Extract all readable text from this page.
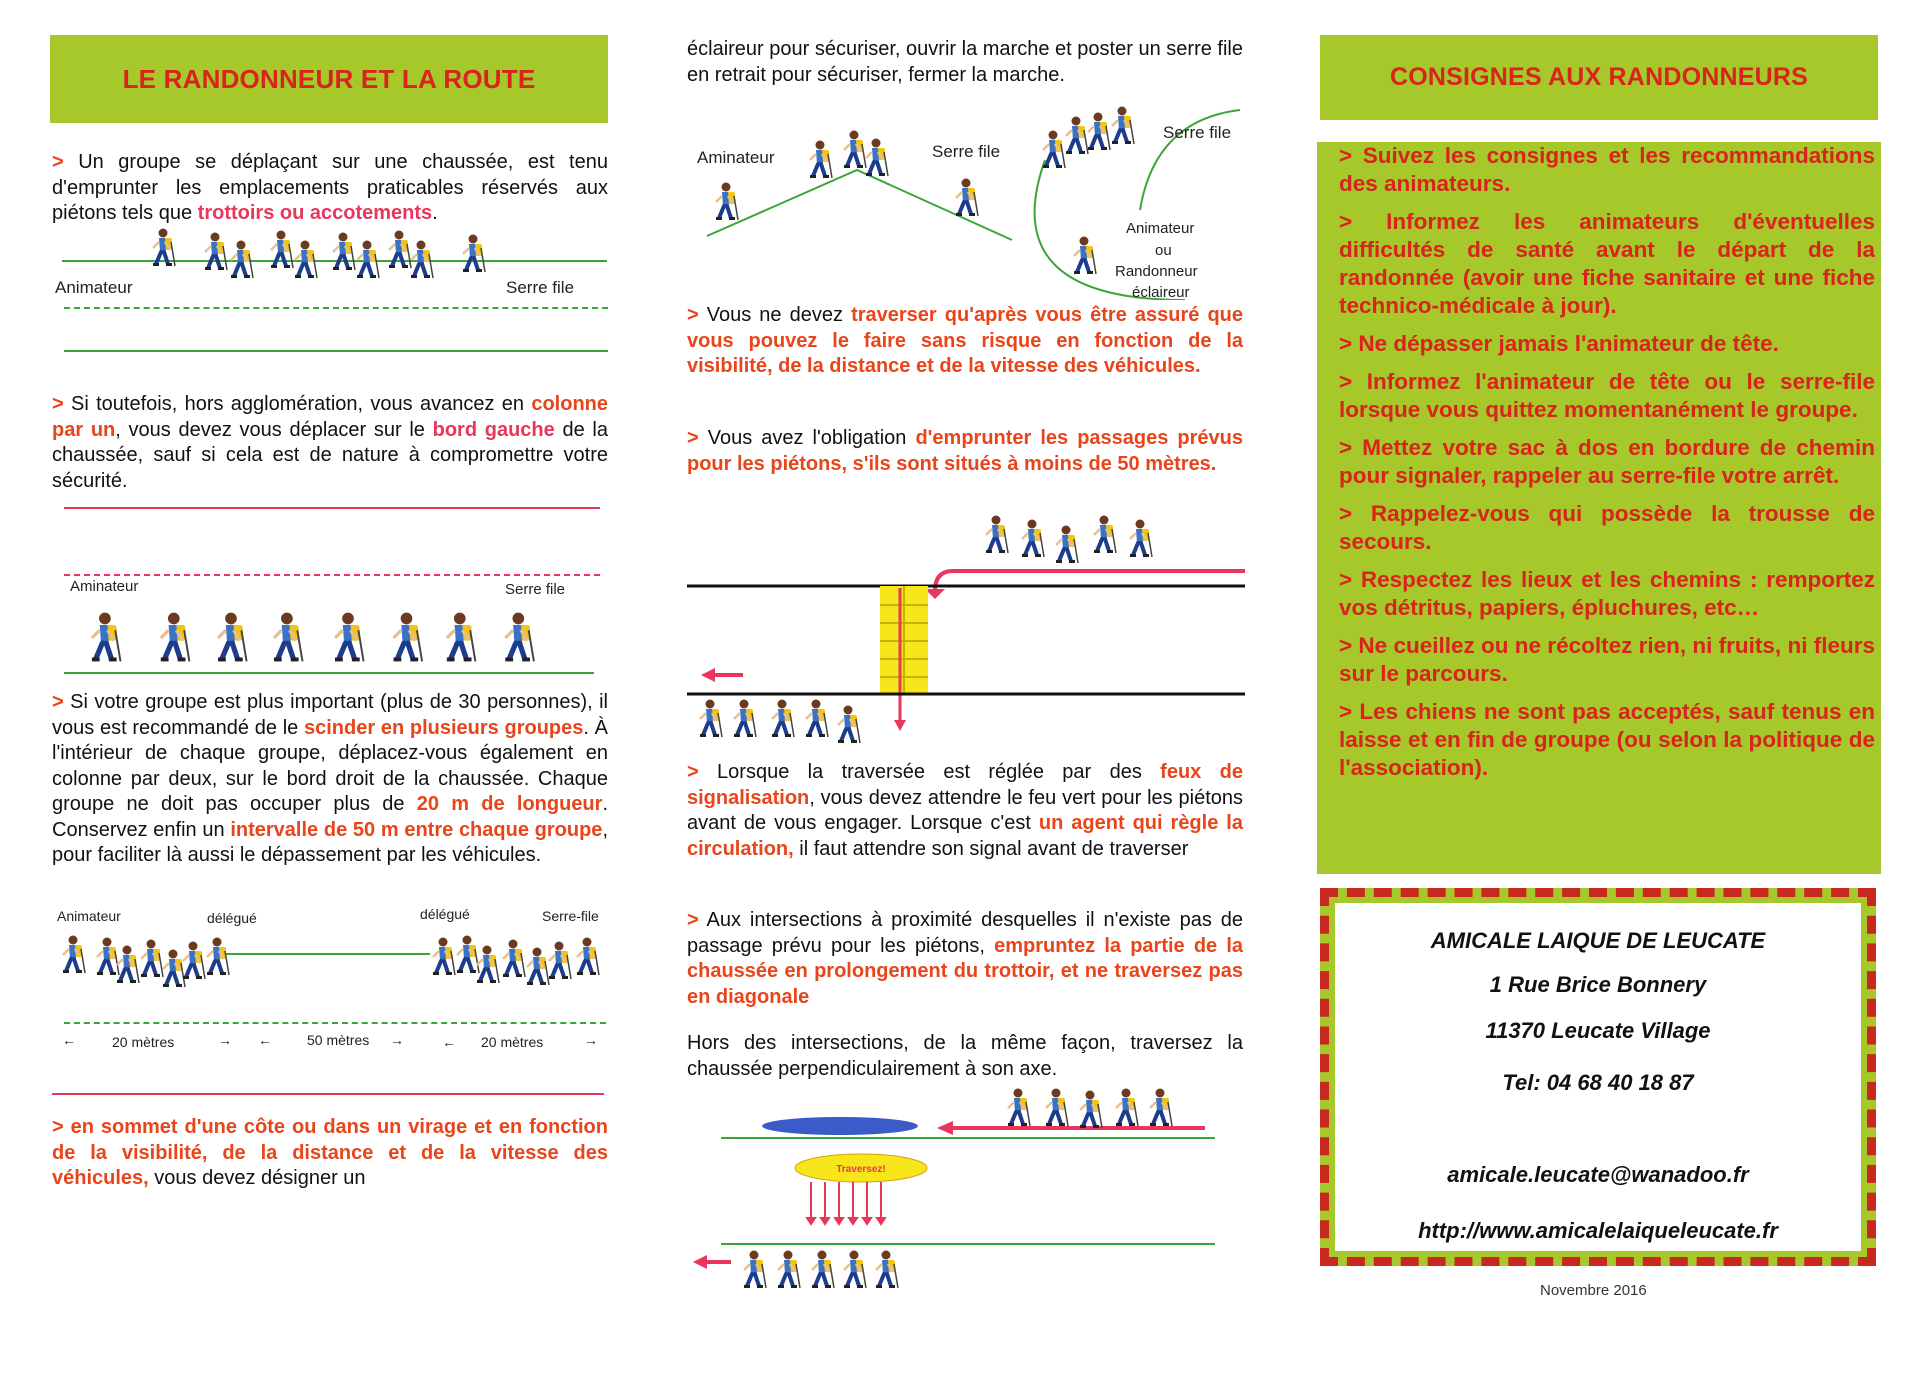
LE RANDONNEUR ET LA ROUTE

> Un groupe se déplaçant sur une chaussée, est tenu d'emprunter les emplacements praticables réservés aux piétons tels que trottoirs ou accotements.

Animateur	Serre file

> Si toutefois, hors agglomération, vous avancez en colonne par un, vous devez vous déplacer sur le bord gauche de la chaussée, sauf si cela est de nature à compromettre votre sécurité.

Aminateur	Serre file

> Si votre groupe est plus important (plus de 30 personnes), il vous est recommandé de le scinder en plusieurs groupes. À l'intérieur de chaque groupe, déplacez-vous également en colonne par deux, sur le bord droit de la chaussée. Chaque groupe ne doit pas occuper plus de 20 m de longueur. Conservez enfin un intervalle de 50 m entre chaque groupe, pour faciliter là aussi le dépassement par les véhicules.

Animateur	délégué	délégué	Serre-file
←	20 mètres	→ ←	50 mètres →	← 20 mètres	→

> en sommet d'une côte ou dans un virage et en fonction de la visibilité, de la distance et de la vitesse des véhicules, vous devez désigner un

éclaireur pour sécuriser, ouvrir la marche et poster un serre file en retrait pour sécuriser, fermer la marche.

Aminateur	Serre file
Serre file
Animateur
ou
Randonneur
éclaireur

> Vous ne devez traverser qu'après vous être assuré que vous pouvez le faire sans risque en fonction de la visibilité, de la distance et de la vitesse des véhicules.

> Vous avez l'obligation d'emprunter les passages prévus pour les piétons, s'ils sont situés à moins de 50 mètres.

> Lorsque la traversée est réglée par des feux de signalisation, vous devez attendre le feu vert pour les piétons avant de vous engager. Lorsque c'est un agent qui règle la circulation, il faut attendre son signal avant de traverser

> Aux intersections à proximité desquelles il n'existe pas de passage prévu pour les piétons, empruntez la partie de la chaussée en prolongement du trottoir, et ne traversez pas en diagonale

Hors des intersections, de la même façon, traversez la chaussée perpendiculairement à son axe.

Traversez!
CONSIGNES AUX RANDONNEURS

> Suivez les consignes et les recommandations des animateurs.

> Informez les animateurs d'éventuelles difficultés de santé avant le départ de la randonnée (avoir une fiche sanitaire et une fiche technico-médicale à jour).

> Ne dépasser jamais l'animateur de tête.

> Informez l'animateur de tête ou le serre-file lorsque vous quittez momentanément le groupe.

> Mettez votre sac à dos en bordure de chemin pour signaler, rappeler au serre-file votre arrêt.

> Rappelez-vous qui possède la trousse de secours.

> Respectez les lieux et les chemins : remportez vos détritus, papiers, épluchures, etc…

> Ne cueillez ou ne récoltez rien, ni fruits, ni fleurs sur le parcours.

> Les chiens ne sont pas acceptés, sauf tenus en laisse et en fin de groupe (ou selon la politique de l'association).

AMICALE LAIQUE DE LEUCATE
1 Rue Brice Bonnery
11370 Leucate Village
Tel: 04 68 40 18 87
amicale.leucate@wanadoo.fr
http://www.amicalelaiqueleucate.fr
Novembre 2016
